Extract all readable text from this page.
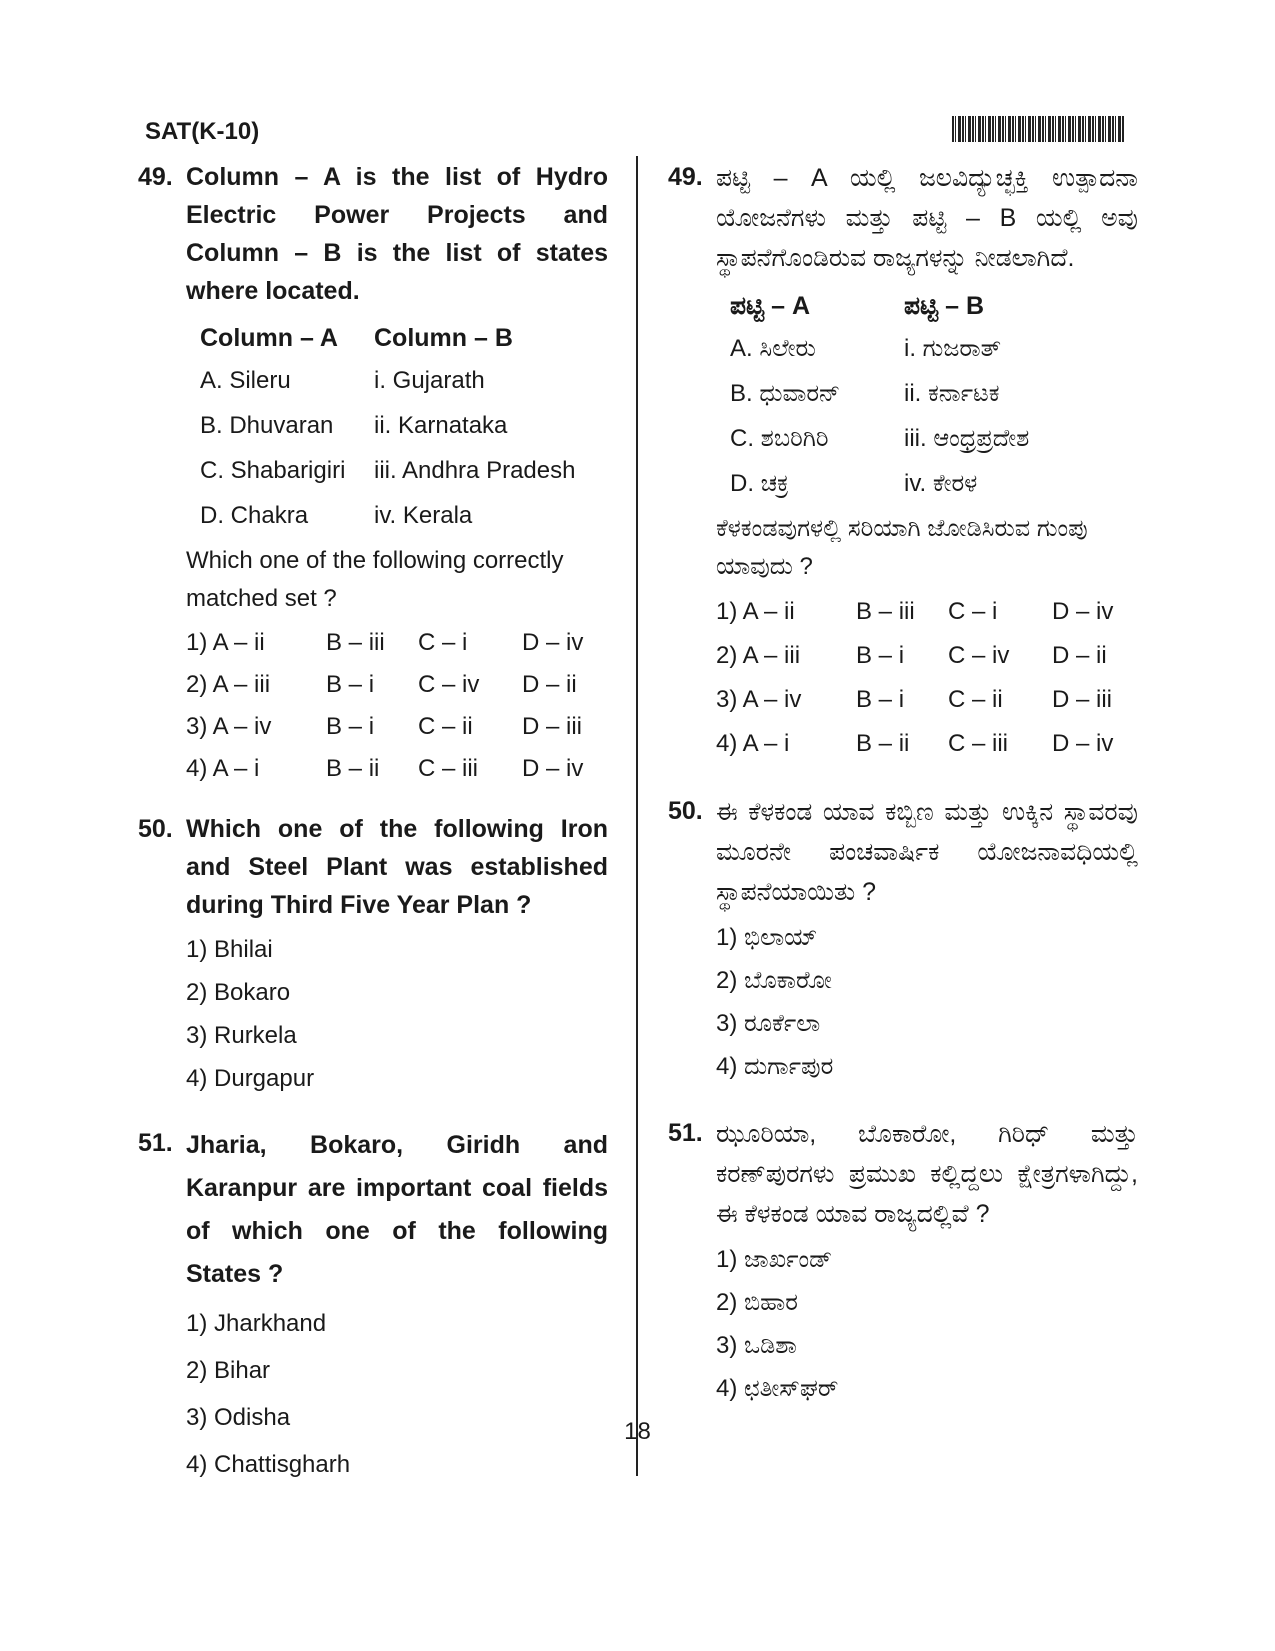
SAT(K-10)
49. Column – A is the list of Hydro Electric Power Projects and Column – B is the list of states where located.
Column – A	Column – B
A. Sileru	i. Gujarath
B. Dhuvaran	ii. Karnataka
C. Shabarigiri	iii. Andhra Pradesh
D. Chakra	iv. Kerala
Which one of the following correctly matched set ?
1) A – ii	B – iii	C – i	D – iv
2) A – iii	B – i	C – iv	D – ii
3) A – iv	B – i	C – ii	D – iii
4) A – i	B – ii	C – iii	D – iv
50. Which one of the following Iron and Steel Plant was established during Third Five Year Plan ?
1) Bhilai
2) Bokaro
3) Rurkela
4) Durgapur
51. Jharia, Bokaro, Giridh and Karanpur are important coal fields of which one of the following States ?
1) Jharkhand
2) Bihar
3) Odisha
4) Chattisgharh
49. ಪಟ್ಟಿ – A ಯಲ್ಲಿ ಜಲವಿದ್ಯುಚ್ಛಕ್ತಿ ಉತ್ಪಾದನಾ ಯೋಜನೆಗಳು ಮತ್ತು ಪಟ್ಟಿ – B ಯಲ್ಲಿ ಅವು ಸ್ಥಾಪನೆಗೊಂಡಿರುವ ರಾಜ್ಯಗಳನ್ನು ನೀಡಲಾಗಿದೆ.
ಪಟ್ಟಿ – A	ಪಟ್ಟಿ – B
A. ಸಿಲೇರು	i. ಗುಜರಾತ್
B. ಧುವಾರನ್	ii. ಕರ್ನಾಟಕ
C. ಶಬರಿಗಿರಿ	iii. ಆಂಧ್ರಪ್ರದೇಶ
D. ಚಕ್ರ	iv. ಕೇರಳ
ಕೆಳಕಂಡವುಗಳಲ್ಲಿ ಸರಿಯಾಗಿ ಜೋಡಿಸಿರುವ ಗುಂಪು ಯಾವುದು ?
1) A – ii	B – iii	C – i	D – iv
2) A – iii	B – i	C – iv	D – ii
3) A – iv	B – i	C – ii	D – iii
4) A – i	B – ii	C – iii	D – iv
50. ಈ ಕೆಳಕಂಡ ಯಾವ ಕಬ್ಬಿಣ ಮತ್ತು ಉಕ್ಕಿನ ಸ್ಥಾವರವು ಮೂರನೇ ಪಂಚವಾರ್ಷಿಕ ಯೋಜನಾವಧಿಯಲ್ಲಿ ಸ್ಥಾಪನೆಯಾಯಿತು ?
1) ಭಿಲಾಯ್
2) ಬೊಕಾರೋ
3) ರೂರ್ಕೆಲಾ
4) ದುರ್ಗಾಪುರ
51. ಝೂರಿಯಾ, ಬೊಕಾರೋ, ಗಿರಿಧ್ ಮತ್ತು ಕರಣ್‌ಪುರಗಳು ಪ್ರಮುಖ ಕಲ್ಲಿದ್ದಲು ಕ್ಷೇತ್ರಗಳಾಗಿದ್ದು, ಈ ಕೆಳಕಂಡ ಯಾವ ರಾಜ್ಯದಲ್ಲಿವೆ ?
1) ಜಾರ್ಖಂಡ್
2) ಬಿಹಾರ
3) ಒಡಿಶಾ
4) ಛತೀಸ್‌ಘರ್
18
